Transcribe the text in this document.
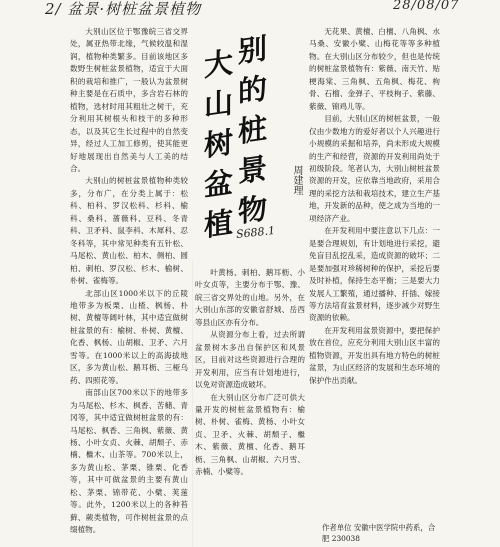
2/ 盆景·树桩盆景植物	28/08/07

大别山区位于鄂豫皖三省交界处，属亚热带北缘，气候较温和湿润，植物种类繁多。目前该地区多数野生树桩盆景植物，适宜于大面积的栽培和推广，一般认为盆景树种主要是在石质中，多含岩石林的植物，选材时用其粗壮之树干，充分利用其树根头和枝干的多种形态，以及其它生长过程中的自然变异，经过人工加工修剪，使其能更好地展现出自然美与人工美的结合。

大别山的树桩盆景植物种类较多，分布广，在分类上属于：松科、柏科、罗汉松科、杉科、榆科、桑科、蔷薇科、豆科、冬青科、卫矛科、鼠李科、木犀科、忍冬科等，其中常见种类有五针松、马尾松、黄山松、柏木、侧柏、圆柏、刺柏、罗汉松、杉木、榆树、朴树、雀梅等。

北部山区1000米以下的丘陵地带多为板栗、山楂、枫杨、朴树、黄檀等阔叶林，其中适宜做树桩盆景的有：榆树、朴树、黄檀、化香、枫杨、山胡椒、卫矛、六月雪等。在1000米以上的高海拔地区，多为黄山松、鹅耳枥、三桠乌药、四照花等。

南部山区700米以下的地带多为马尾松、杉木、枫香、苦槠、青冈等，其中适宜做树桩盆景的有：马尾松、枫香、三角枫、紫薇、黄杨、小叶女贞、火棘、胡颓子、赤楠、檵木、山茶等。700米以上，多为黄山松、茅栗、锥栗、化香等，其中可做盆景的主要有黄山松、茅栗、锦带花、小檗、荚蒾等。此外，1200米以上的各种苔藓、蕨类植物，可作树桩盆景的点缀植物。

大 别
山 的
树 桩
盆 景
植 物
周建理
S688.1

叶黄杨、刺柏、鹅耳枥、小叶女贞等，主要分布于鄂、豫、皖三省交界处的山地。另外，在大别山东部的安徽省舒城、岳西等县山区亦有分布。

从资源分布上看，过去所谓盆景树木多出自保护区和风景区，目前对这些资源进行合理的开发利用，应当有计划地进行，以免对资源造成破坏。

在大别山区分布广泛可供大量开发的树桩盆景植物有：榆树、朴树、雀梅、黄杨、小叶女贞、卫矛、火棘、胡颓子、檵木、紫薇、黄檀、化香、鹅耳枥、三角枫、山胡椒、六月雪、赤楠、小檗等。

无花果、黄檀、白檀、八角枫、水马桑、安徽小檗、山梅花等等多种植物。在大别山区分布较少，但也是传统的树桩盆景植物有：紫薇、南天竹、贴梗海棠、三角枫、五角枫、梅花、枸骨、石榴、金弹子、平枝栒子、紫藤、紫薇、锦鸡儿等。

目前，大别山区的树桩盆景，一般仅由少数地方的爱好者以个人兴趣进行小规模的采掘和培养，尚未形成大规模的生产和经营，资源的开发利用尚处于初级阶段。笔者认为，大别山树桩盆景资源的开发，应依靠当地政府，采用合理的采挖方法和栽培技术，建立生产基地，开发新的品种，使之成为当地的一项经济产业。

在开发利用中要注意以下几点：一是要合理规划，有计划地进行采挖，避免盲目乱挖乱采，造成资源的破坏；二是要加强对珍稀树种的保护，采挖后要及时补植，保持生态平衡；三是要大力发展人工繁殖，通过播种、扦插、嫁接等方法培育盆景材料，逐步减少对野生资源的依赖。

在开发利用盆景资源中，要把保护放在首位，应充分利用大别山区丰富的植物资源，开发出具有地方特色的树桩盆景，为山区经济的发展和生态环境的保护作出贡献。

作者单位 安徽中医学院中药系，合肥 230038
